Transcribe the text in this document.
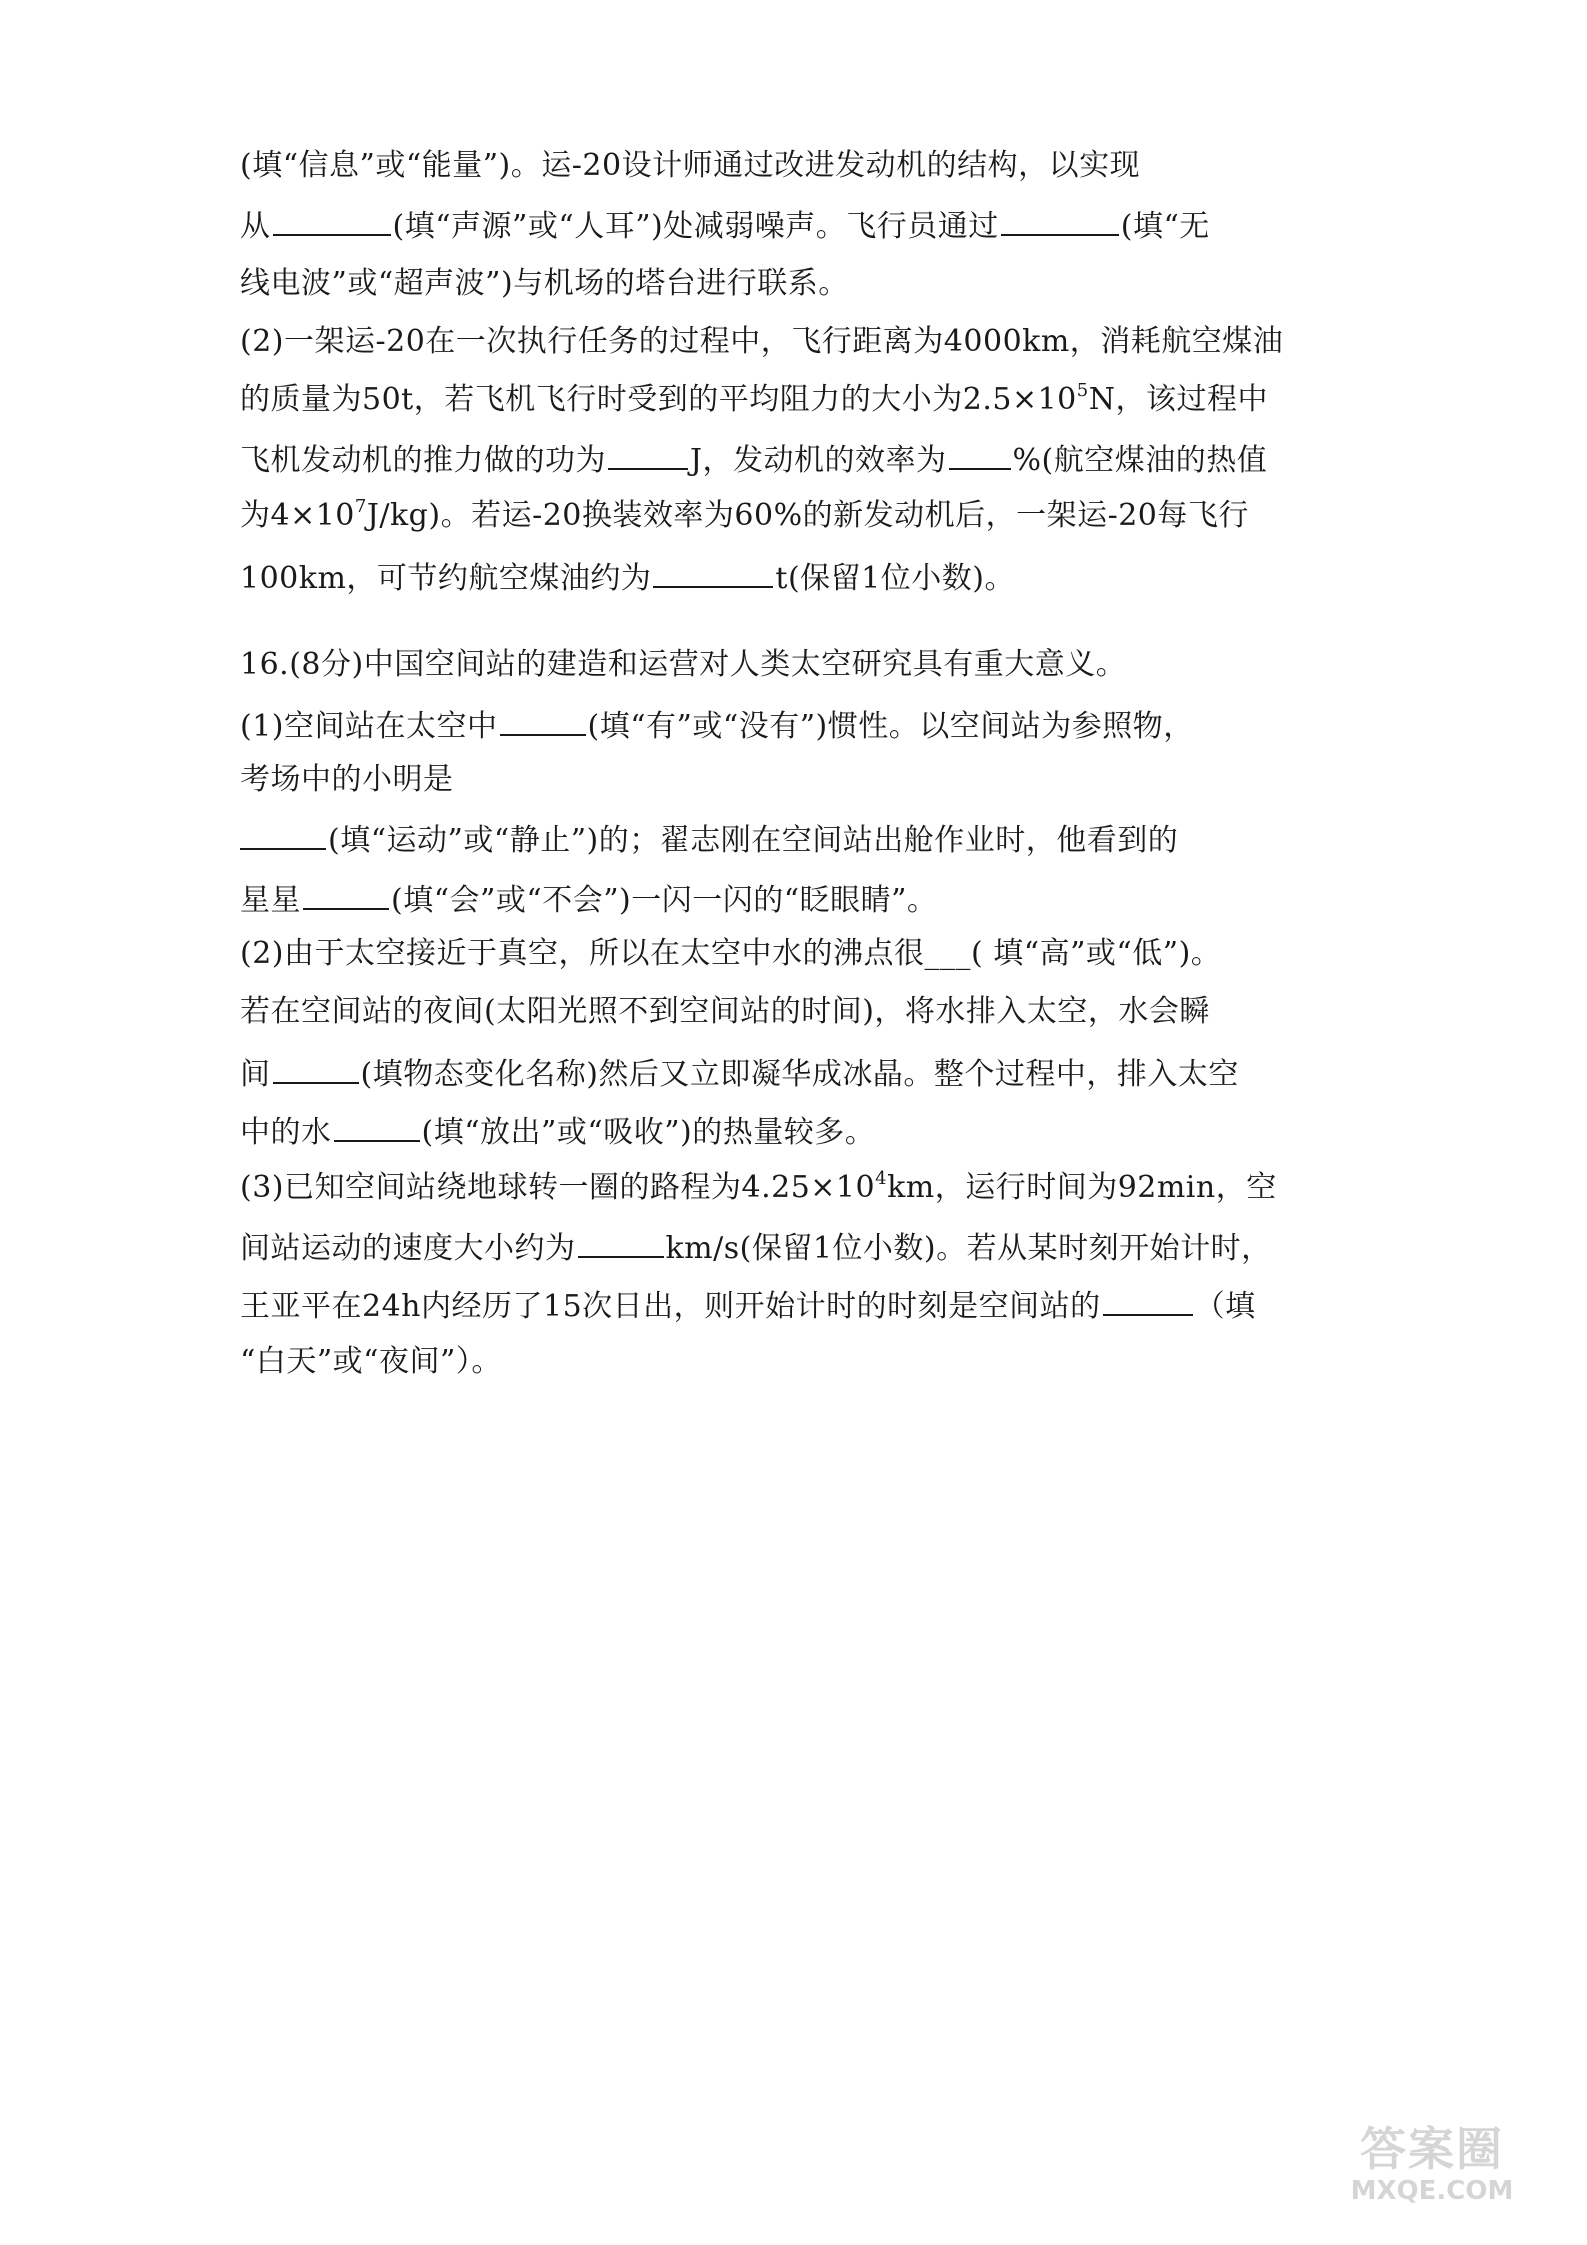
(填“信息”或“能量”)。运-20设计师通过改进发动机的结构，以实现
从	(填“声源”或“人耳”)处减弱噪声。飞行员通过	(填“无
线电波”或“超声波”)与机场的塔台进行联系。
(2)一架运-20在一次执行任务的过程中，飞行距离为4000km，消耗航空煤油
的质量为50t，若飞机飞行时受到的平均阻力的大小为$2.5\times 10^5N$，该过程中
飞机发动机的推力做的功为	J，发动机的效率为 %(航空煤油的热值
为$4\times 10^7J/kg$)。若运-20换装效率为60%的新发动机后，一架运-20每飞行
100km，可节约航空煤油约为	t(保留1位小数)。
16.(8分)中国空间站的建造和运营对人类太空研究具有重大意义。
(1)空间站在太空中	(填“有”或“没有”)惯性。以空间站为参照物，
考场中的小明是
(填“运动”或“静止”)的；翟志刚在空间站出舱作业时，他看到的
星星	(填“会”或“不会”)一闪一闪的“眨眼睛”。
(2)由于太空接近于真空，所以在太空中水的沸点很___( 填“高”或“低”)。
若在空间站的夜间(太阳光照不到空间站的时间)，将水排入太空，水会瞬
间	(填物态变化名称)然后又立即凝华成冰晶。整个过程中，排入太空
中的水	(填“放出”或“吸收”)的热量较多。
(3)已知空间站绕地球转一圈的路程为$4.25\times 10^4km$，运行时间为92min，空
间站运动的速度大小约为	km/s(保留1位小数)。若从某时刻开始计时，
王亚平在24h内经历了15次日出，则开始计时的时刻是空间站的	（填
“白天”或“夜间”）。
答案圈
MXQE.COM
